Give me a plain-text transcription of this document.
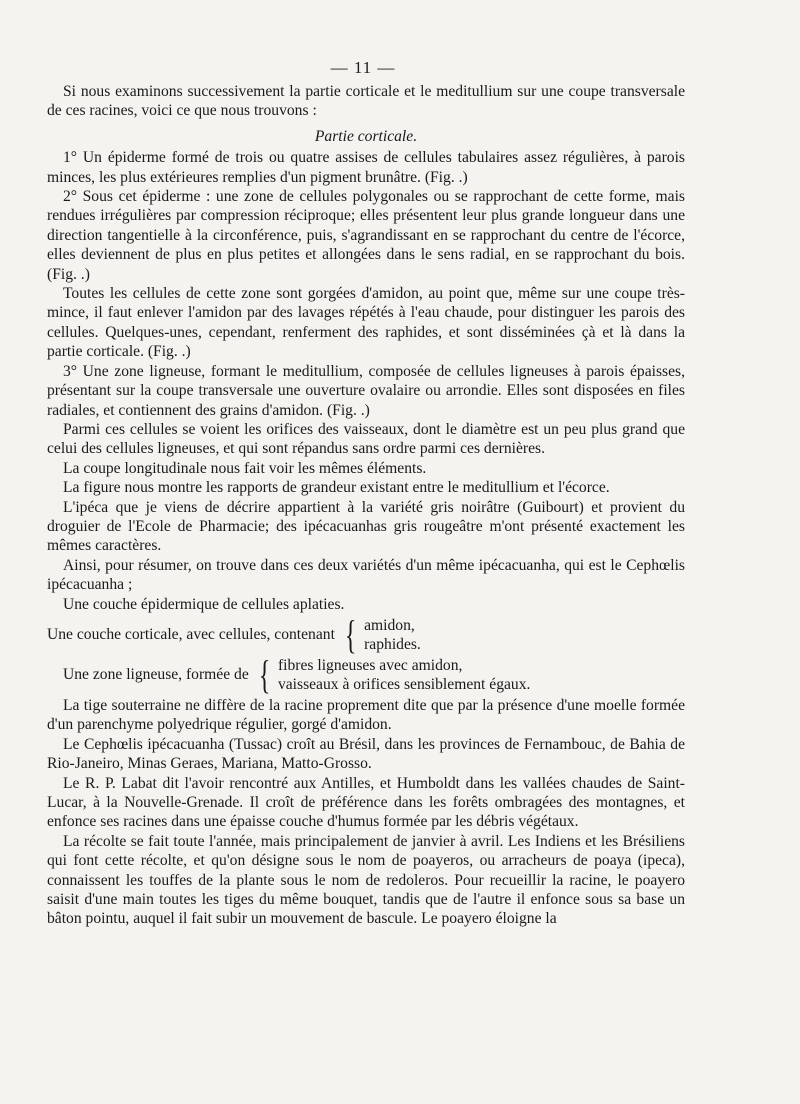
— 11 —

Si nous examinons successivement la partie corticale et le meditullium sur une coupe transversale de ces racines, voici ce que nous trouvons :

Partie corticale.

1° Un épiderme formé de trois ou quatre assises de cellules tabulaires assez régulières, à parois minces, les plus extérieures remplies d'un pigment brunâtre. (Fig. .)

2° Sous cet épiderme : une zone de cellules polygonales ou se rapprochant de cette forme, mais rendues irrégulières par compression réciproque; elles présentent leur plus grande longueur dans une direction tangentielle à la circonférence, puis, s'agrandissant en se rapprochant du centre de l'écorce, elles deviennent de plus en plus petites et allongées dans le sens radial, en se rapprochant du bois. (Fig. .)

Toutes les cellules de cette zone sont gorgées d'amidon, au point que, même sur une coupe très-mince, il faut enlever l'amidon par des lavages répétés à l'eau chaude, pour distinguer les parois des cellules. Quelques-unes, cependant, renferment des raphides, et sont disséminées çà et là dans la partie corticale. (Fig. .)

3° Une zone ligneuse, formant le meditullium, composée de cellules ligneuses à parois épaisses, présentant sur la coupe transversale une ouverture ovalaire ou arrondie. Elles sont disposées en files radiales, et contiennent des grains d'amidon. (Fig. .)

Parmi ces cellules se voient les orifices des vaisseaux, dont le diamètre est un peu plus grand que celui des cellules ligneuses, et qui sont répandus sans ordre parmi ces dernières.

La coupe longitudinale nous fait voir les mêmes éléments.

La figure nous montre les rapports de grandeur existant entre le meditullium et l'écorce.

L'ipéca que je viens de décrire appartient à la variété gris noirâtre (Guibourt) et provient du droguier de l'Ecole de Pharmacie; des ipécacuanhas gris rougeâtre m'ont présenté exactement les mêmes caractères.

Ainsi, pour résumer, on trouve dans ces deux variétés d'un même ipécacuanha, qui est le Cephœlis ipécacuanha ;

Une couche épidermique de cellules aplaties.

Une couche corticale, avec cellules, contenant { amidon,
raphides.
Une zone ligneuse, formée de { fibres ligneuses avec amidon,
vaisseaux à orifices sensiblement égaux.

La tige souterraine ne diffère de la racine proprement dite que par la présence d'une moelle formée d'un parenchyme polyedrique régulier, gorgé d'amidon.

Le Cephœlis ipécacuanha (Tussac) croît au Brésil, dans les provinces de Fernambouc, de Bahia de Rio-Janeiro, Minas Geraes, Mariana, Matto-Grosso.

Le R. P. Labat dit l'avoir rencontré aux Antilles, et Humboldt dans les vallées chaudes de Saint-Lucar, à la Nouvelle-Grenade. Il croît de préférence dans les forêts ombragées des montagnes, et enfonce ses racines dans une épaisse couche d'humus formée par les débris végétaux.

La récolte se fait toute l'année, mais principalement de janvier à avril. Les Indiens et les Brésiliens qui font cette récolte, et qu'on désigne sous le nom de poayeros, ou arracheurs de poaya (ipeca), connaissent les touffes de la plante sous le nom de redoleros. Pour recueillir la racine, le poayero saisit d'une main toutes les tiges du même bouquet, tandis que de l'autre il enfonce sous sa base un bâton pointu, auquel il fait subir un mouvement de bascule. Le poayero éloigne la
